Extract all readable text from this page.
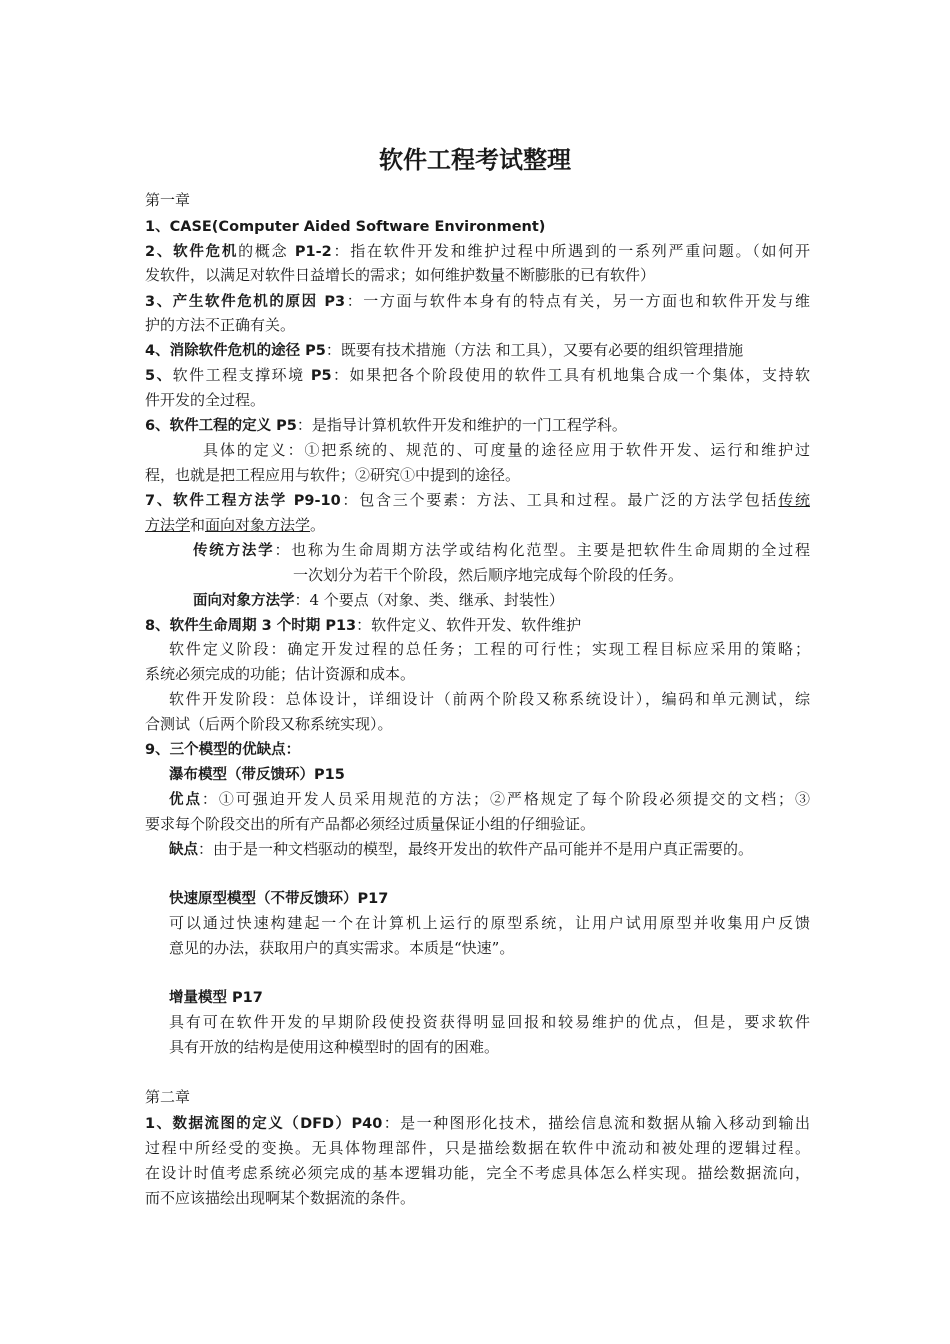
软件工程考试整理
第一章
1、CASE(Computer Aided Software Environment)
2、软件危机的概念 P1-2：指在软件开发和维护过程中所遇到的一系列严重问题。（如何开
发软件，以满足对软件日益增长的需求；如何维护数量不断膨胀的已有软件）
3、产生软件危机的原因 P3：一方面与软件本身有的特点有关，另一方面也和软件开发与维
护的方法不正确有关。
4、消除软件危机的途径 P5：既要有技术措施（方法 和工具），又要有必要的组织管理措施
5、软件工程支撑环境 P5：如果把各个阶段使用的软件工具有机地集合成一个集体，支持软
件开发的全过程。
6、软件工程的定义 P5：是指导计算机软件开发和维护的一门工程学科。
具体的定义：①把系统的、规范的、可度量的途径应用于软件开发、运行和维护过
程，也就是把工程应用与软件；②研究①中提到的途径。
7、软件工程方法学 P9-10：包含三个要素：方法、工具和过程。最广泛的方法学包括传统
方法学和面向对象方法学。
传统方法学：也称为生命周期方法学或结构化范型。主要是把软件生命周期的全过程
一次划分为若干个阶段，然后顺序地完成每个阶段的任务。
面向对象方法学：4 个要点（对象、类、继承、封装性）
8、软件生命周期 3 个时期 P13：软件定义、软件开发、软件维护
软件定义阶段：确定开发过程的总任务；工程的可行性；实现工程目标应采用的策略；
系统必须完成的功能；估计资源和成本。
软件开发阶段：总体设计，详细设计（前两个阶段又称系统设计），编码和单元测试，综
合测试（后两个阶段又称系统实现）。
9、三个模型的优缺点：
瀑布模型（带反馈环）P15
优点：①可强迫开发人员采用规范的方法；②严格规定了每个阶段必须提交的文档；③
要求每个阶段交出的所有产品都必须经过质量保证小组的仔细验证。
缺点：由于是一种文档驱动的模型，最终开发出的软件产品可能并不是用户真正需要的。
快速原型模型（不带反馈环）P17
可以通过快速构建起一个在计算机上运行的原型系统，让用户试用原型并收集用户反馈
意见的办法，获取用户的真实需求。本质是“快速”。
增量模型 P17
具有可在软件开发的早期阶段使投资获得明显回报和较易维护的优点，但是，要求软件
具有开放的结构是使用这种模型时的固有的困难。
第二章
1、数据流图的定义（DFD）P40：是一种图形化技术，描绘信息流和数据从输入移动到输出
过程中所经受的变换。无具体物理部件，只是描绘数据在软件中流动和被处理的逻辑过程。
在设计时值考虑系统必须完成的基本逻辑功能，完全不考虑具体怎么样实现。描绘数据流向，
而不应该描绘出现啊某个数据流的条件。
